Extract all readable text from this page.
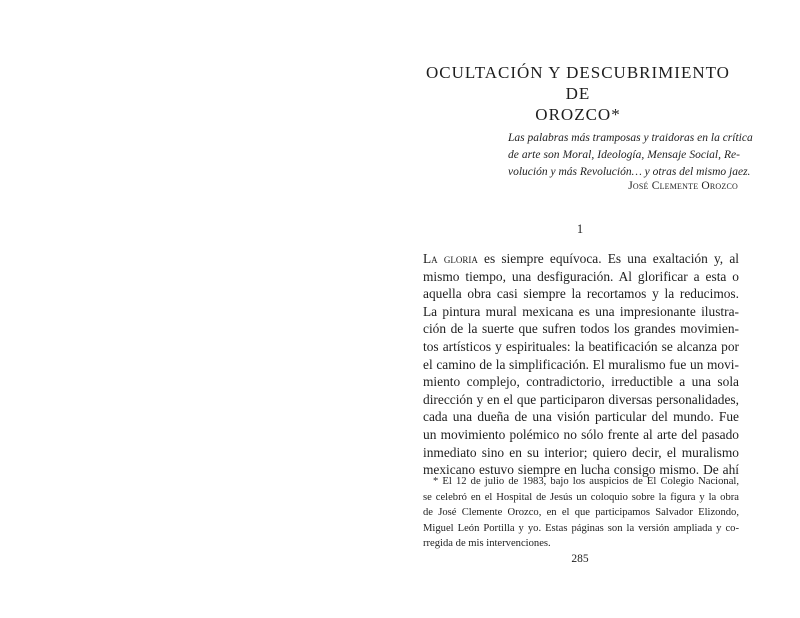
OCULTACIÓN Y DESCUBRIMIENTO DE
OROZCO*
Las palabras más tramposas y traidoras en la crítica
de arte son Moral, Ideología, Mensaje Social, Re-
volución y más Revolución… y otras del mismo jaez.
José Clemente Orozco
1
La gloria es siempre equívoca. Es una exaltación y, al
mismo tiempo, una desfiguración. Al glorificar a esta o
aquella obra casi siempre la recortamos y la reducimos.
La pintura mural mexicana es una impresionante ilustra-
ción de la suerte que sufren todos los grandes movimien-
tos artísticos y espirituales: la beatificación se alcanza por
el camino de la simplificación. El muralismo fue un movi-
miento complejo, contradictorio, irreductible a una sola
dirección y en el que participaron diversas personalidades,
cada una dueña de una visión particular del mundo. Fue
un movimiento polémico no sólo frente al arte del pasado
inmediato sino en su interior; quiero decir, el muralismo
mexicano estuvo siempre en lucha consigo mismo. De ahí
* El 12 de julio de 1983, bajo los auspicios de El Colegio Nacional,
se celebró en el Hospital de Jesús un coloquio sobre la figura y la obra
de José Clemente Orozco, en el que participamos Salvador Elizondo,
Miguel León Portilla y yo. Estas páginas son la versión ampliada y co-
rregida de mis intervenciones.
285
